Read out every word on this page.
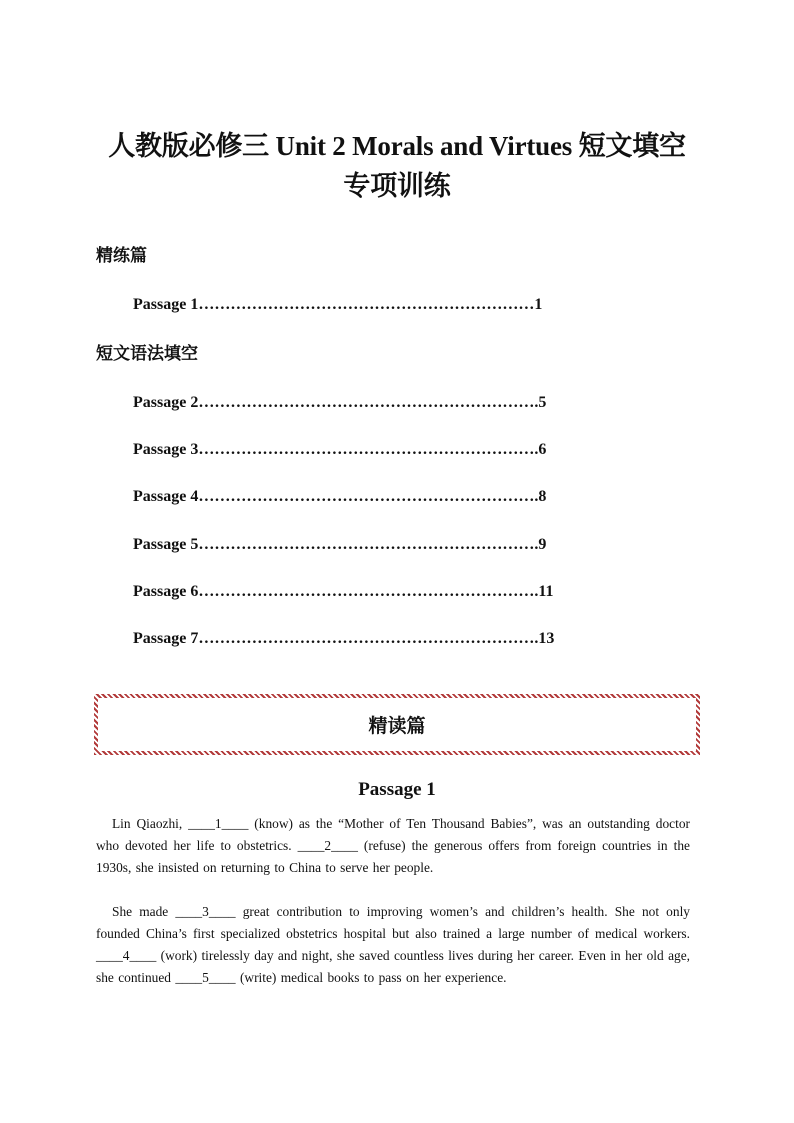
人教版必修三 Unit 2 Morals and Virtues 短文填空
专项训练
精练篇
Passage 1………………………………………………………1
短文语法填空
Passage 2……………………………………………………….5
Passage 3……………………………………………………….6
Passage 4……………………………………………………….8
Passage 5……………………………………………………….9
Passage 6……………………………………………………….11
Passage 7……………………………………………………….13
精读篇
Passage 1
Lin Qiaozhi, ____1____ (know) as the “Mother of Ten Thousand Babies”, was an outstanding doctor who devoted her life to obstetrics. ____2____ (refuse) the generous offers from foreign countries in the 1930s, she insisted on returning to China to serve her people.
She made ____3____ great contribution to improving women’s and children’s health. She not only founded China’s first specialized obstetrics hospital but also trained a large number of medical workers. ____4____ (work) tirelessly day and night, she saved countless lives during her career. Even in her old age, she continued ____5____ (write) medical books to pass on her experience.
